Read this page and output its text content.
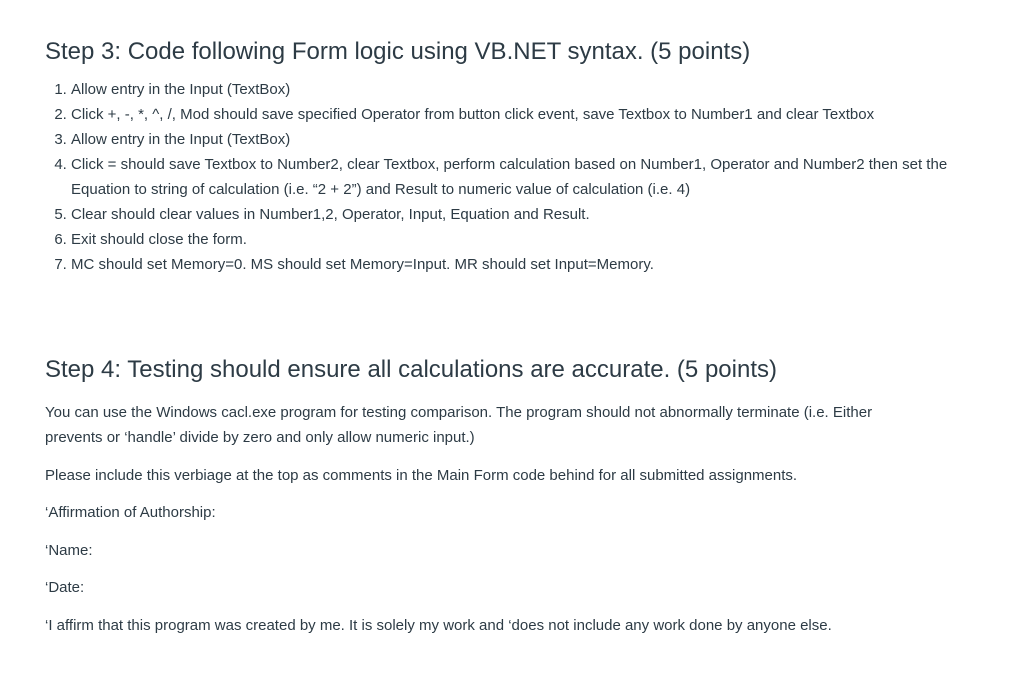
Step 3: Code following Form logic using VB.NET syntax. (5 points)
1. Allow entry in the Input (TextBox)
2. Click +, -, *, ^, /, Mod should save specified Operator from button click event, save Textbox to Number1 and clear Textbox
3. Allow entry in the Input (TextBox)
4. Click = should save Textbox to Number2, clear Textbox, perform calculation based on Number1, Operator and Number2 then set the Equation to string of calculation (i.e. “2 + 2”) and Result to numeric value of calculation (i.e. 4)
5. Clear should clear values in Number1,2, Operator, Input, Equation and Result.
6. Exit should close the form.
7. MC should set Memory=0. MS should set Memory=Input. MR should set Input=Memory.
Step 4: Testing should ensure all calculations are accurate. (5 points)

You can use the Windows cacl.exe program for testing comparison. The program should not abnormally terminate (i.e. Either prevents or ‘handle’ divide by zero and only allow numeric input.)

Please include this verbiage at the top as comments in the Main Form code behind for all submitted assignments.

‘Affirmation of Authorship:

‘Name:

‘Date:

‘I affirm that this program was created by me. It is solely my work and ‘does not include any work done by anyone else.
